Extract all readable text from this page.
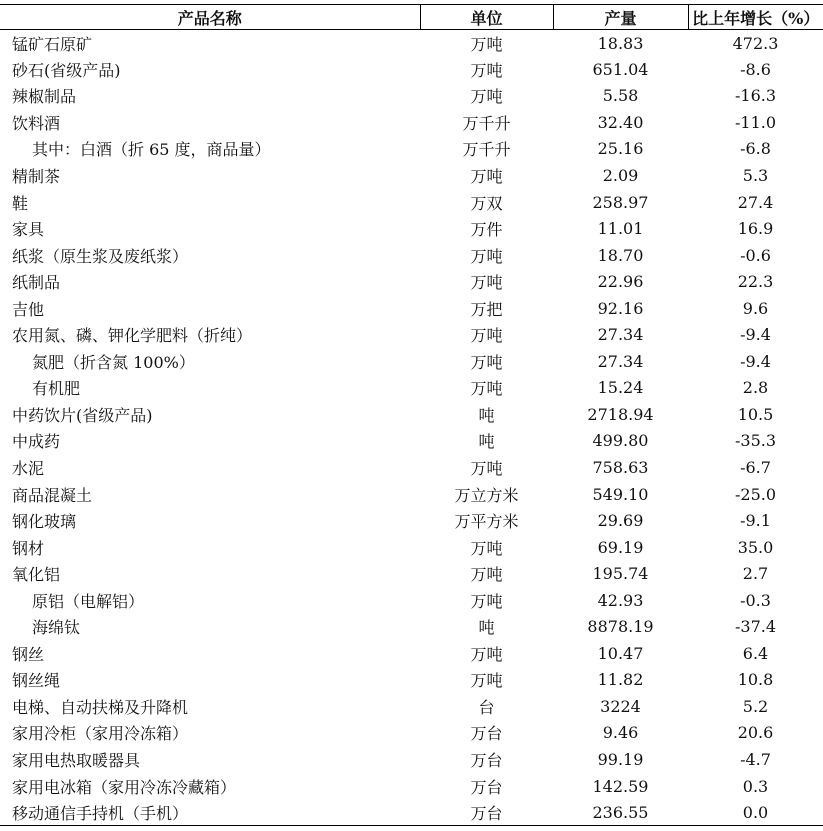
产品名称	单位	产量	比上年增长（%）
锰矿石原矿	万吨	18.83	472.3
砂石(省级产品)	万吨	651.04	-8.6
辣椒制品	万吨	5.58	-16.3
饮料酒	万千升	32.40	-11.0
其中：白酒（折 65 度，商品量）	万千升	25.16	-6.8
精制茶	万吨	2.09	5.3
鞋	万双	258.97	27.4
家具	万件	11.01	16.9
纸浆（原生浆及废纸浆）	万吨	18.70	-0.6
纸制品	万吨	22.96	22.3
吉他	万把	92.16	9.6
农用氮、磷、钾化学肥料（折纯）	万吨	27.34	-9.4
氮肥（折含氮 100%）	万吨	27.34	-9.4
有机肥	万吨	15.24	2.8
中药饮片(省级产品)	吨	2718.94	10.5
中成药	吨	499.80	-35.3
水泥	万吨	758.63	-6.7
商品混凝土	万立方米	549.10	-25.0
钢化玻璃	万平方米	29.69	-9.1
钢材	万吨	69.19	35.0
氧化铝	万吨	195.74	2.7
原铝（电解铝）	万吨	42.93	-0.3
海绵钛	吨	8878.19	-37.4
钢丝	万吨	10.47	6.4
钢丝绳	万吨	11.82	10.8
电梯、自动扶梯及升降机	台	3224	5.2
家用冷柜（家用冷冻箱）	万台	9.46	20.6
家用电热取暖器具	万台	99.19	-4.7
家用电冰箱（家用冷冻冷藏箱）	万台	142.59	0.3
移动通信手持机（手机）	万台	236.55	0.0
